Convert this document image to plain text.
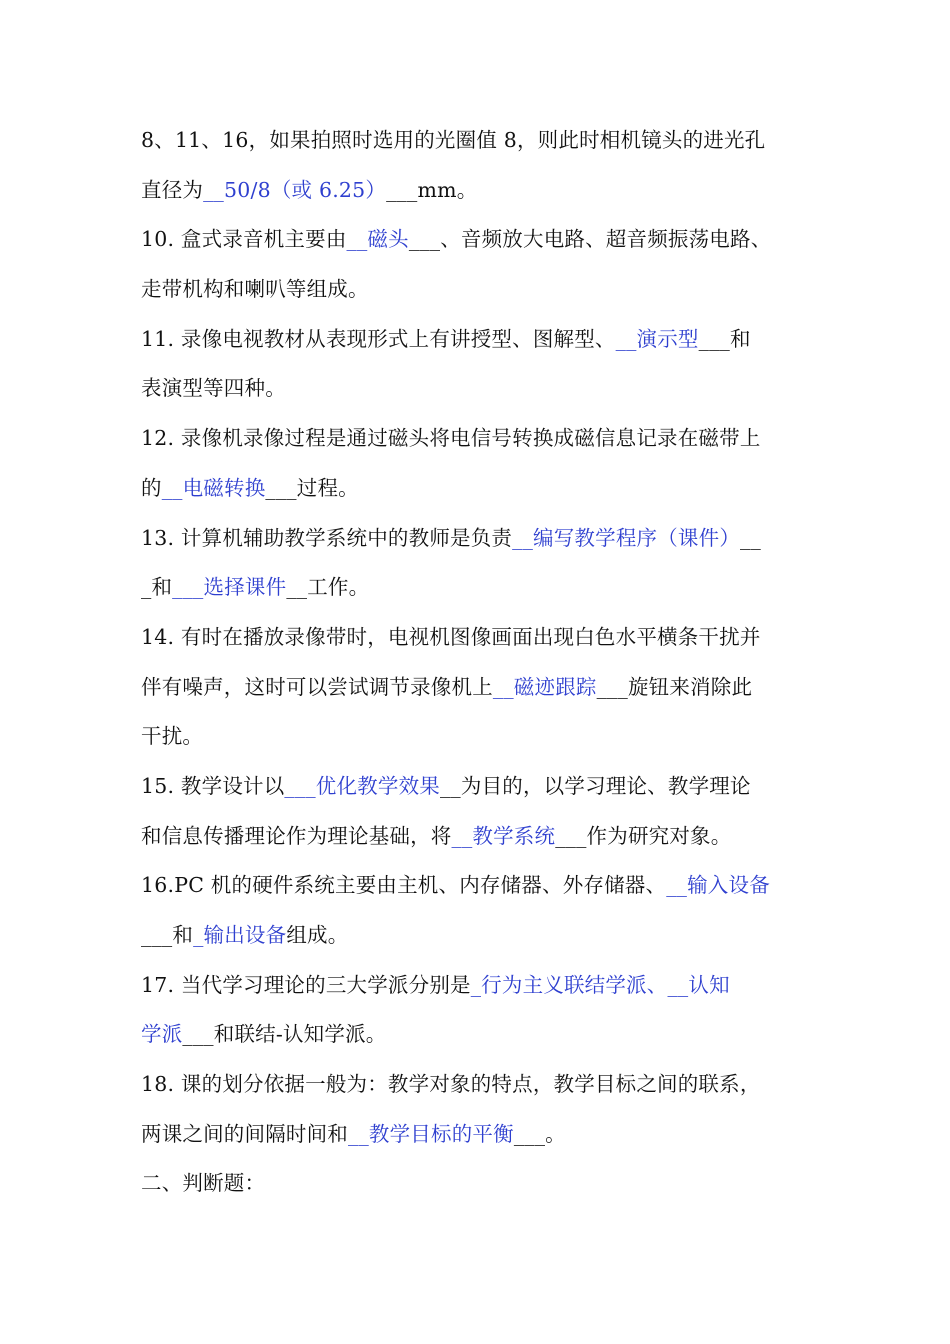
8、11、16，如果拍照时选用的光圈值 8，则此时相机镜头的进光孔
直径为__50/8（或 6.25）___mm。
10. 盒式录音机主要由__磁头___、音频放大电路、超音频振荡电路、
走带机构和喇叭等组成。
11. 录像电视教材从表现形式上有讲授型、图解型、__演示型___和
表演型等四种。
12. 录像机录像过程是通过磁头将电信号转换成磁信息记录在磁带上
的__电磁转换___过程。
13. 计算机辅助教学系统中的教师是负责__编写教学程序（课件）__
_和___选择课件__工作。
14. 有时在播放录像带时，电视机图像画面出现白色水平横条干扰并
伴有噪声，这时可以尝试调节录像机上__磁迹跟踪___旋钮来消除此
干扰。
15. 教学设计以___优化教学效果__为目的，以学习理论、教学理论
和信息传播理论作为理论基础，将__教学系统___作为研究对象。
16.PC 机的硬件系统主要由主机、内存储器、外存储器、__输入设备
___和_输出设备组成。
17. 当代学习理论的三大学派分别是_行为主义联结学派、__认知
学派___和联结-认知学派。
18. 课的划分依据一般为：教学对象的特点，教学目标之间的联系，
两课之间的间隔时间和__教学目标的平衡___。
二、判断题：
